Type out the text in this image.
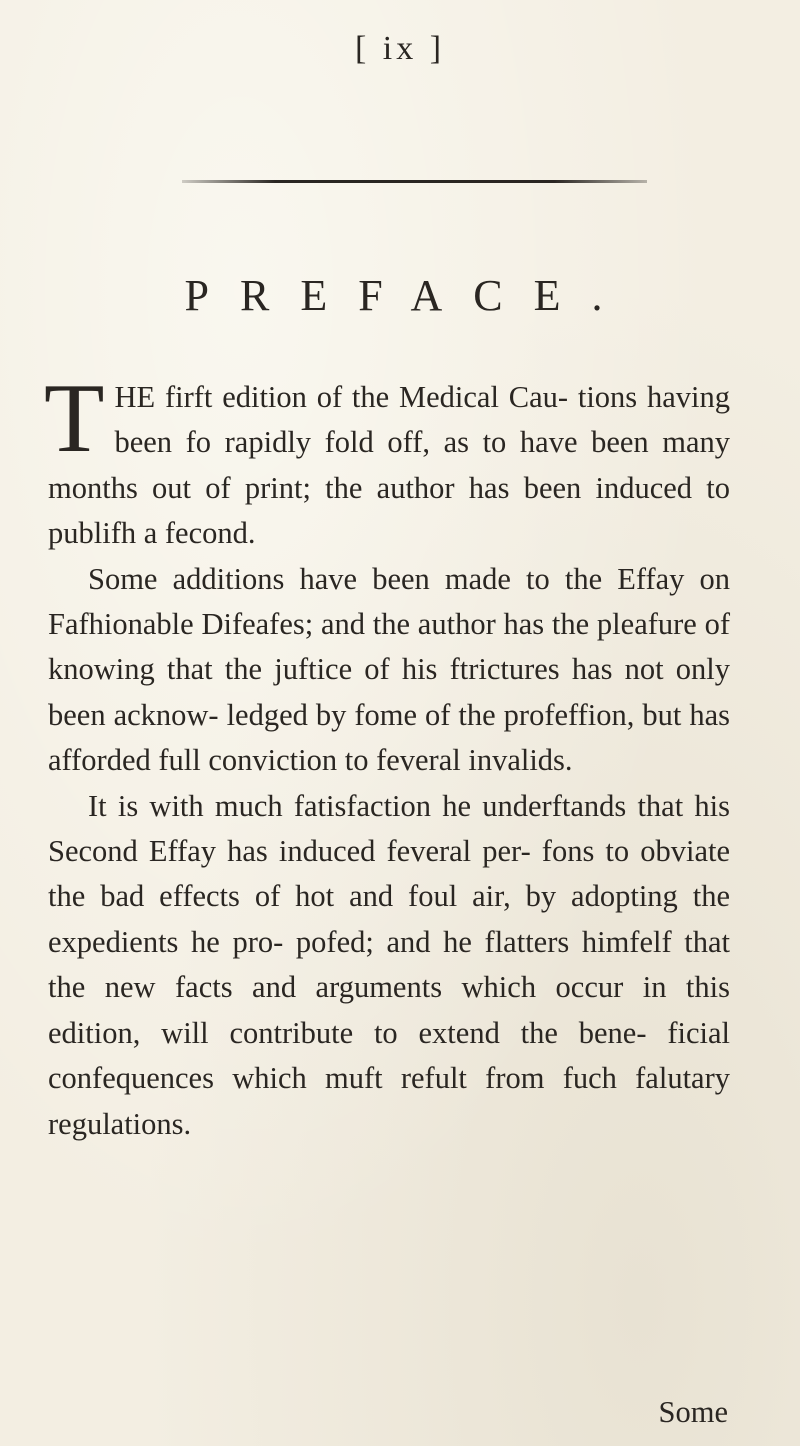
[ ix ]
PREFACE.

THE firft edition of the Medical Cau- tions having been fo rapidly fold off, as to have been many months out of print; the author has been induced to publifh a fecond.

Some additions have been made to the Effay on Fafhionable Difeafes; and the author has the pleafure of knowing that the juftice of his ftrictures has not only been acknow- ledged by fome of the profeffion, but has afforded full conviction to feveral invalids.

It is with much fatisfaction he underftands that his Second Effay has induced feveral per- fons to obviate the bad effects of hot and foul air, by adopting the expedients he pro- pofed; and he flatters himfelf that the new facts and arguments which occur in this edition, will contribute to extend the bene- ficial confequences which muft refult from fuch falutary regulations.

Some
